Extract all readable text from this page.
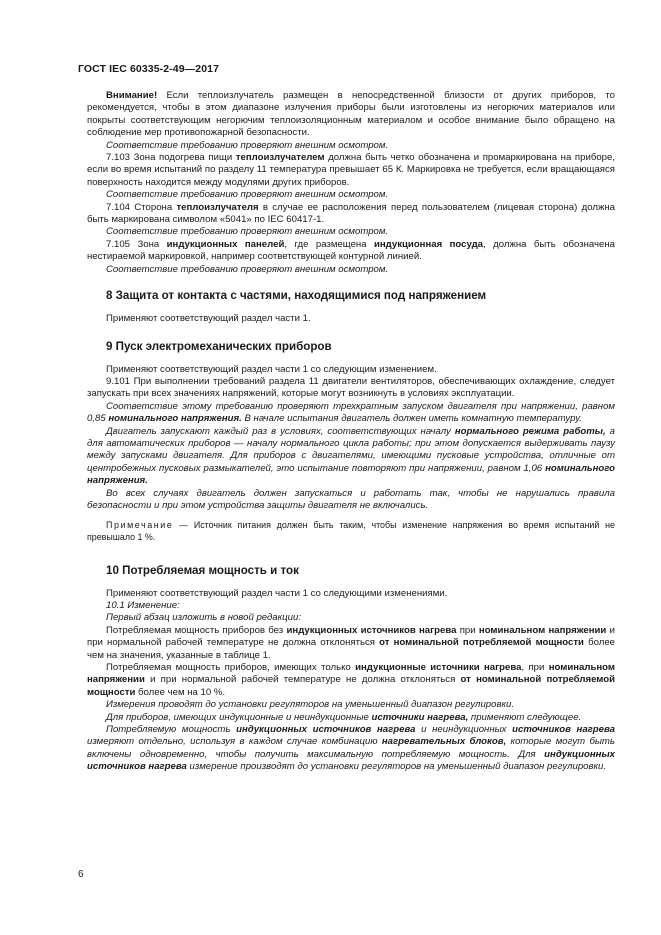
ГОСТ IEC 60335-2-49—2017

Внимание! Если теплоизлучатель размещен в непосредственной близости от других приборов, то рекомендуется, чтобы в этом диапазоне излучения приборы были изготовлены из негорючих материалов или покрыты соответствующим негорючим теплоизоляционным материалом и особое внимание было обращено на соблюдение мер противопожарной безопасности.

Соответствие требованию проверяют внешним осмотром.

7.103 Зона подогрева пищи теплоизлучателем должна быть четко обозначена и промаркирована на приборе, если во время испытаний по разделу 11 температура превышает 65 К. Маркировка не требуется, если вращающаяся поверхность находится между модулями других приборов.

Соответствие требованию проверяют внешним осмотром.

7.104 Сторона теплоизлучателя в случае ее расположения перед пользователем (лицевая сторона) должна быть маркирована символом «5041» по IEC 60417-1.

Соответствие требованию проверяют внешним осмотром.

7.105 Зона индукционных панелей, где размещена индукционная посуда, должна быть обозначена нестираемой маркировкой, например соответствующей контурной линией.

Соответствие требованию проверяют внешним осмотром.

8 Защита от контакта с частями, находящимися под напряжением

Применяют соответствующий раздел части 1.

9 Пуск электромеханических приборов

Применяют соответствующий раздел части 1 со следующим изменением.

9.101 При выполнении требований раздела 11 двигатели вентиляторов, обеспечивающих охлаждение, следует запускать при всех значениях напряжений, которые могут возникнуть в условиях эксплуатации.

Соответствие этому требованию проверяют трехкратным запуском двигателя при напряжении, равном 0,85 номинального напряжения. В начале испытания двигатель должен иметь комнатную температуру.

Двигатель запускают каждый раз в условиях, соответствующих началу нормального режима работы, а для автоматических приборов — началу нормального цикла работы; при этом допускается выдерживать паузу между запусками двигателя. Для приборов с двигателями, имеющими пусковые устройства, отличные от центробежных пусковых размыкателей, это испытание повторяют при напряжении, равном 1,06 номинального напряжения.

Во всех случаях двигатель должен запускаться и работать так, чтобы не нарушались правила безопасности и при этом устройства защиты двигателя не включались.

Примечание — Источник питания должен быть таким, чтобы изменение напряжения во время испытаний не превышало 1 %.

10 Потребляемая мощность и ток

Применяют соответствующий раздел части 1 со следующими изменениями.

10.1 Изменение:

Первый абзац изложить в новой редакции:

Потребляемая мощность приборов без индукционных источников нагрева при номинальном напряжении и при нормальной рабочей температуре не должна отклоняться от номинальной потребляемой мощности более чем на значения, указанные в таблице 1.

Потребляемая мощность приборов, имеющих только индукционные источники нагрева, при номинальном напряжении и при нормальной рабочей температуре не должна отклоняться от номинальной потребляемой мощности более чем на 10 %.

Измерения проводят до установки регуляторов на уменьшенный диапазон регулировки.

Для приборов, имеющих индукционные и неиндукционные источники нагрева, применяют следующее.

Потребляемую мощность индукционных источников нагрева и неиндукционных источников нагрева измеряют отдельно, используя в каждом случае комбинацию нагревательных блоков, которые могут быть включены одновременно, чтобы получить максимальную потребляемую мощность. Для индукционных источников нагрева измерение производят до установки регуляторов на уменьшенный диапазон регулировки.

6
